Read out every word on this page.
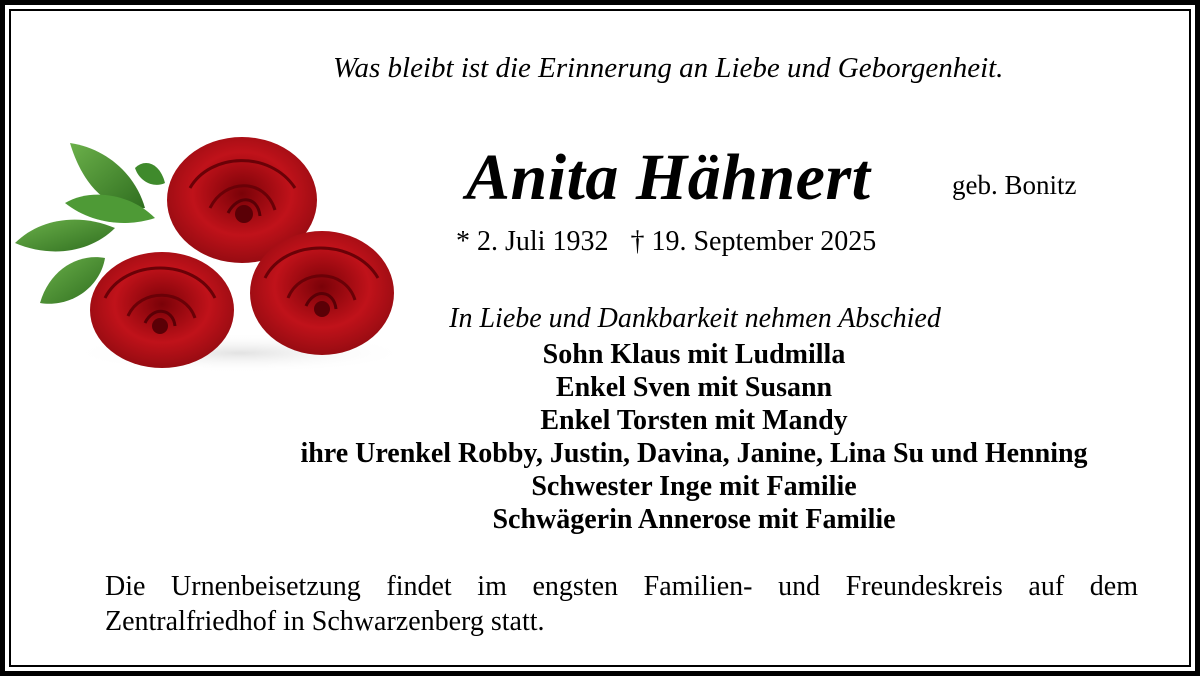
Was bleibt ist die Erinnerung an Liebe und Geborgenheit.
Anita Hähnert	geb. Bonitz
* 2. Juli 1932 † 19. September 2025
In Liebe und Dankbarkeit nehmen Abschied
Sohn Klaus mit Ludmilla
Enkel Sven mit Susann
Enkel Torsten mit Mandy
ihre Urenkel Robby, Justin, Davina, Janine, Lina Su und Henning
Schwester Inge mit Familie
Schwägerin Annerose mit Familie
Die Urnenbeisetzung findet im engsten Familien- und Freundeskreis auf dem Zentralfriedhof in Schwarzenberg statt.
